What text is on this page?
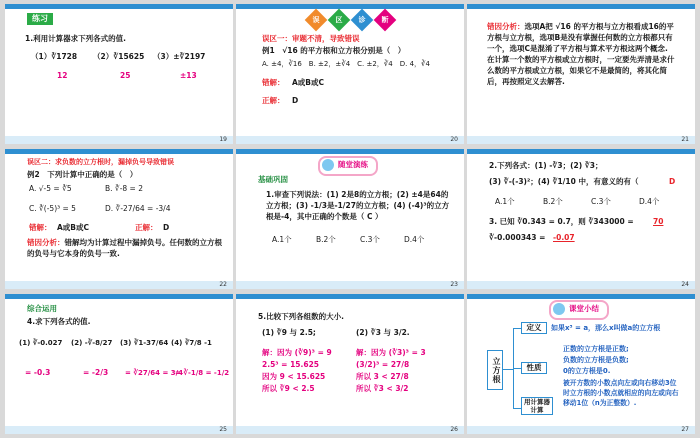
练习
1.利用计算器求下列各式的值.
（1）∛1728 （2）∛15625 （3）±∛2197
12	25	±13
19
误	区	诊	断
误区一：审题不清，导致错误
例1　√16 的平方根和立方根分别是（　）
A. ±4，∛16　B. ±2，±∛4　C. ±2，∛4　D. 4，∛4
错解： A或B或C
正解： D
20
错因分析：选项A把 √16 的平方根与立方根看成16的平方根与立方根，选项B是没有掌握任何数的立方根都只有一个，选项C是混淆了平方根与算术平方根这两个概念. 在计算一个数的平方根或立方根时，一定要先弄清是求什么数的平方根或立方根，如果它不是最简的，将其化简后，再按照定义去解答.
21
误区二：求负数的立方根时，漏掉负号导致错误
例2　下列计算中正确的是（　）
A. √-5 = ∛5	B. ∛-8 = 2
C. ∛(-5)³ = 5	D. ∛-27/64 = -3/4
错解： A或B或C	正解： D
错因分析：错解均为计算过程中漏掉负号。任何数的立方根的负号与它本身的负号一致.
22
随堂演练
基础巩固
1.审查下列说法：(1) 2是8的立方根；(2) ±4是64的立方根；(3) -1/3是-1/27的立方根；(4) (-4)³的立方根是-4，其中正确的个数是（ C ）
A.1个	B.2个	C.3个	D.4个
23
2.下列各式：(1) -∛3；(2) ∛3；
(3) ∛-(-3)²；(4) ∛1/10 中，有意义的有（	D
A.1个	B.2个	C.3个	D.4个
3. 已知 ∛0.343 = 0.7，则 ∛343000 =	70
∛-0.000343 = -0.07
24
综合运用
4.求下列各式的值.
(1) ∛-0.027 (2) -∛-8/27 (3) ∛1-37/64 (4) ∛7/8 -1
= -0.3	= -2/3 = ∛27/64 = 3/4
= ∛-1/8 = -1/2
25
5.比较下列各组数的大小.
(1) ∛9 与 2.5;	(2) ∛3 与 3/2.
解：因为 (∛9)³ = 9
2.5³ = 15.625
因为 9 < 15.625
所以 ∛9 < 2.5
解：因为 (∛3)³ = 3
(3/2)³ = 27/8
所以 3 < 27/8
所以 ∛3 < 3/2
26
课堂小结
立方根
定义
性质
用计算器计算
如果x³ = a，那么x叫做a的立方根
正数的立方根是正数;
负数的立方根是负数;
0的立方根是0.
被开方数的小数点向左或向右移动3位时立方根的小数点就相应的向左或向右移动1位（n为正整数）.
27
